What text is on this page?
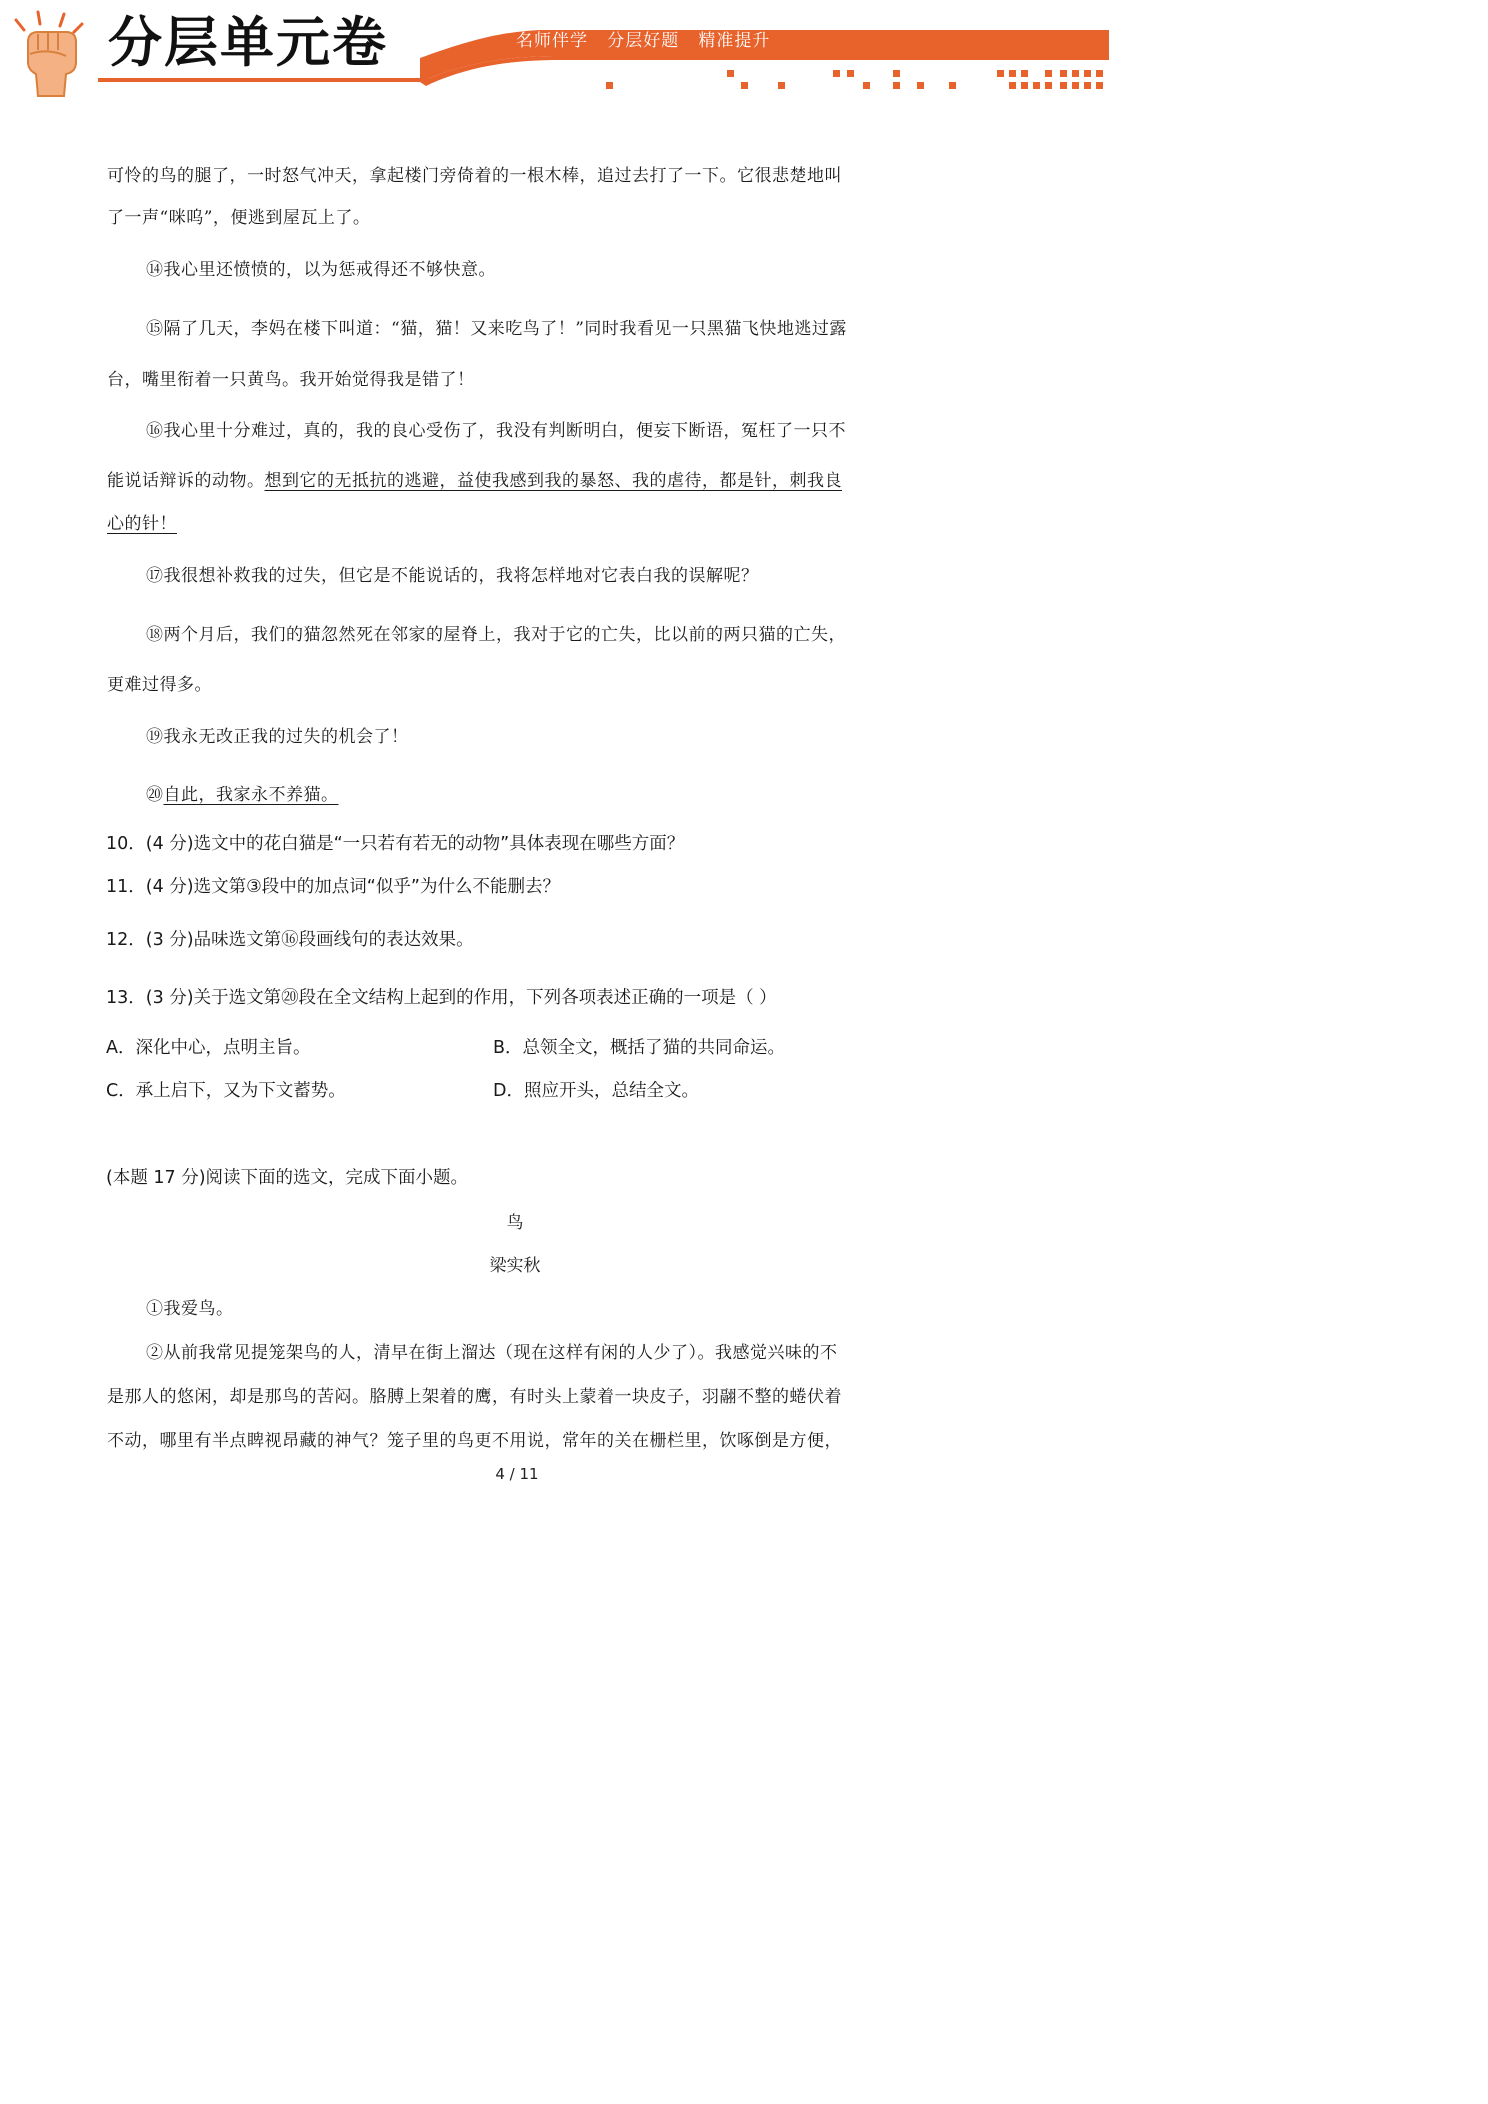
分层单元卷	名师伴学   分层好题   精准提升
可怜的鸟的腿了，一时怒气冲天，拿起楼门旁倚着的一根木棒，追过去打了一下。它很悲楚地叫
了一声“咪呜”，便逃到屋瓦上了。
⑭我心里还愤愤的，以为惩戒得还不够快意。
⑮隔了几天，李妈在楼下叫道：“猫，猫！又来吃鸟了！”同时我看见一只黑猫飞快地逃过露
台，嘴里衔着一只黄鸟。我开始觉得我是错了！
⑯我心里十分难过，真的，我的良心受伤了，我没有判断明白，便妄下断语，冤枉了一只不
能说话辩诉的动物。想到它的无抵抗的逃避，益使我感到我的暴怒、我的虐待，都是针，刺我良
心的针！
⑰我很想补救我的过失，但它是不能说话的，我将怎样地对它表白我的误解呢？
⑱两个月后，我们的猫忽然死在邻家的屋脊上，我对于它的亡失，比以前的两只猫的亡失，
更难过得多。
⑲我永无改正我的过失的机会了！
⑳自此，我家永不养猫。
10．(4 分)选文中的花白猫是“一只若有若无的动物”具体表现在哪些方面？
11．(4 分)选文第③段中的加点词“似乎”为什么不能删去？
12．(3 分)品味选文第⑯段画线句的表达效果。
13．(3 分)关于选文第⑳段在全文结构上起到的作用，下列各项表述正确的一项是（ ）
A．深化中心，点明主旨。	B．总领全文，概括了猫的共同命运。
C．承上启下，又为下文蓄势。	D．照应开头，总结全文。
(本题 17 分)阅读下面的选文，完成下面小题。
鸟
梁实秋
①我爱鸟。
②从前我常见提笼架鸟的人，清早在街上溜达（现在这样有闲的人少了）。我感觉兴味的不
是那人的悠闲，却是那鸟的苦闷。胳膊上架着的鹰，有时头上蒙着一块皮子，羽翮不整的蜷伏着
不动，哪里有半点睥视昂藏的神气？笼子里的鸟更不用说，常年的关在栅栏里，饮啄倒是方便，
4 / 11
